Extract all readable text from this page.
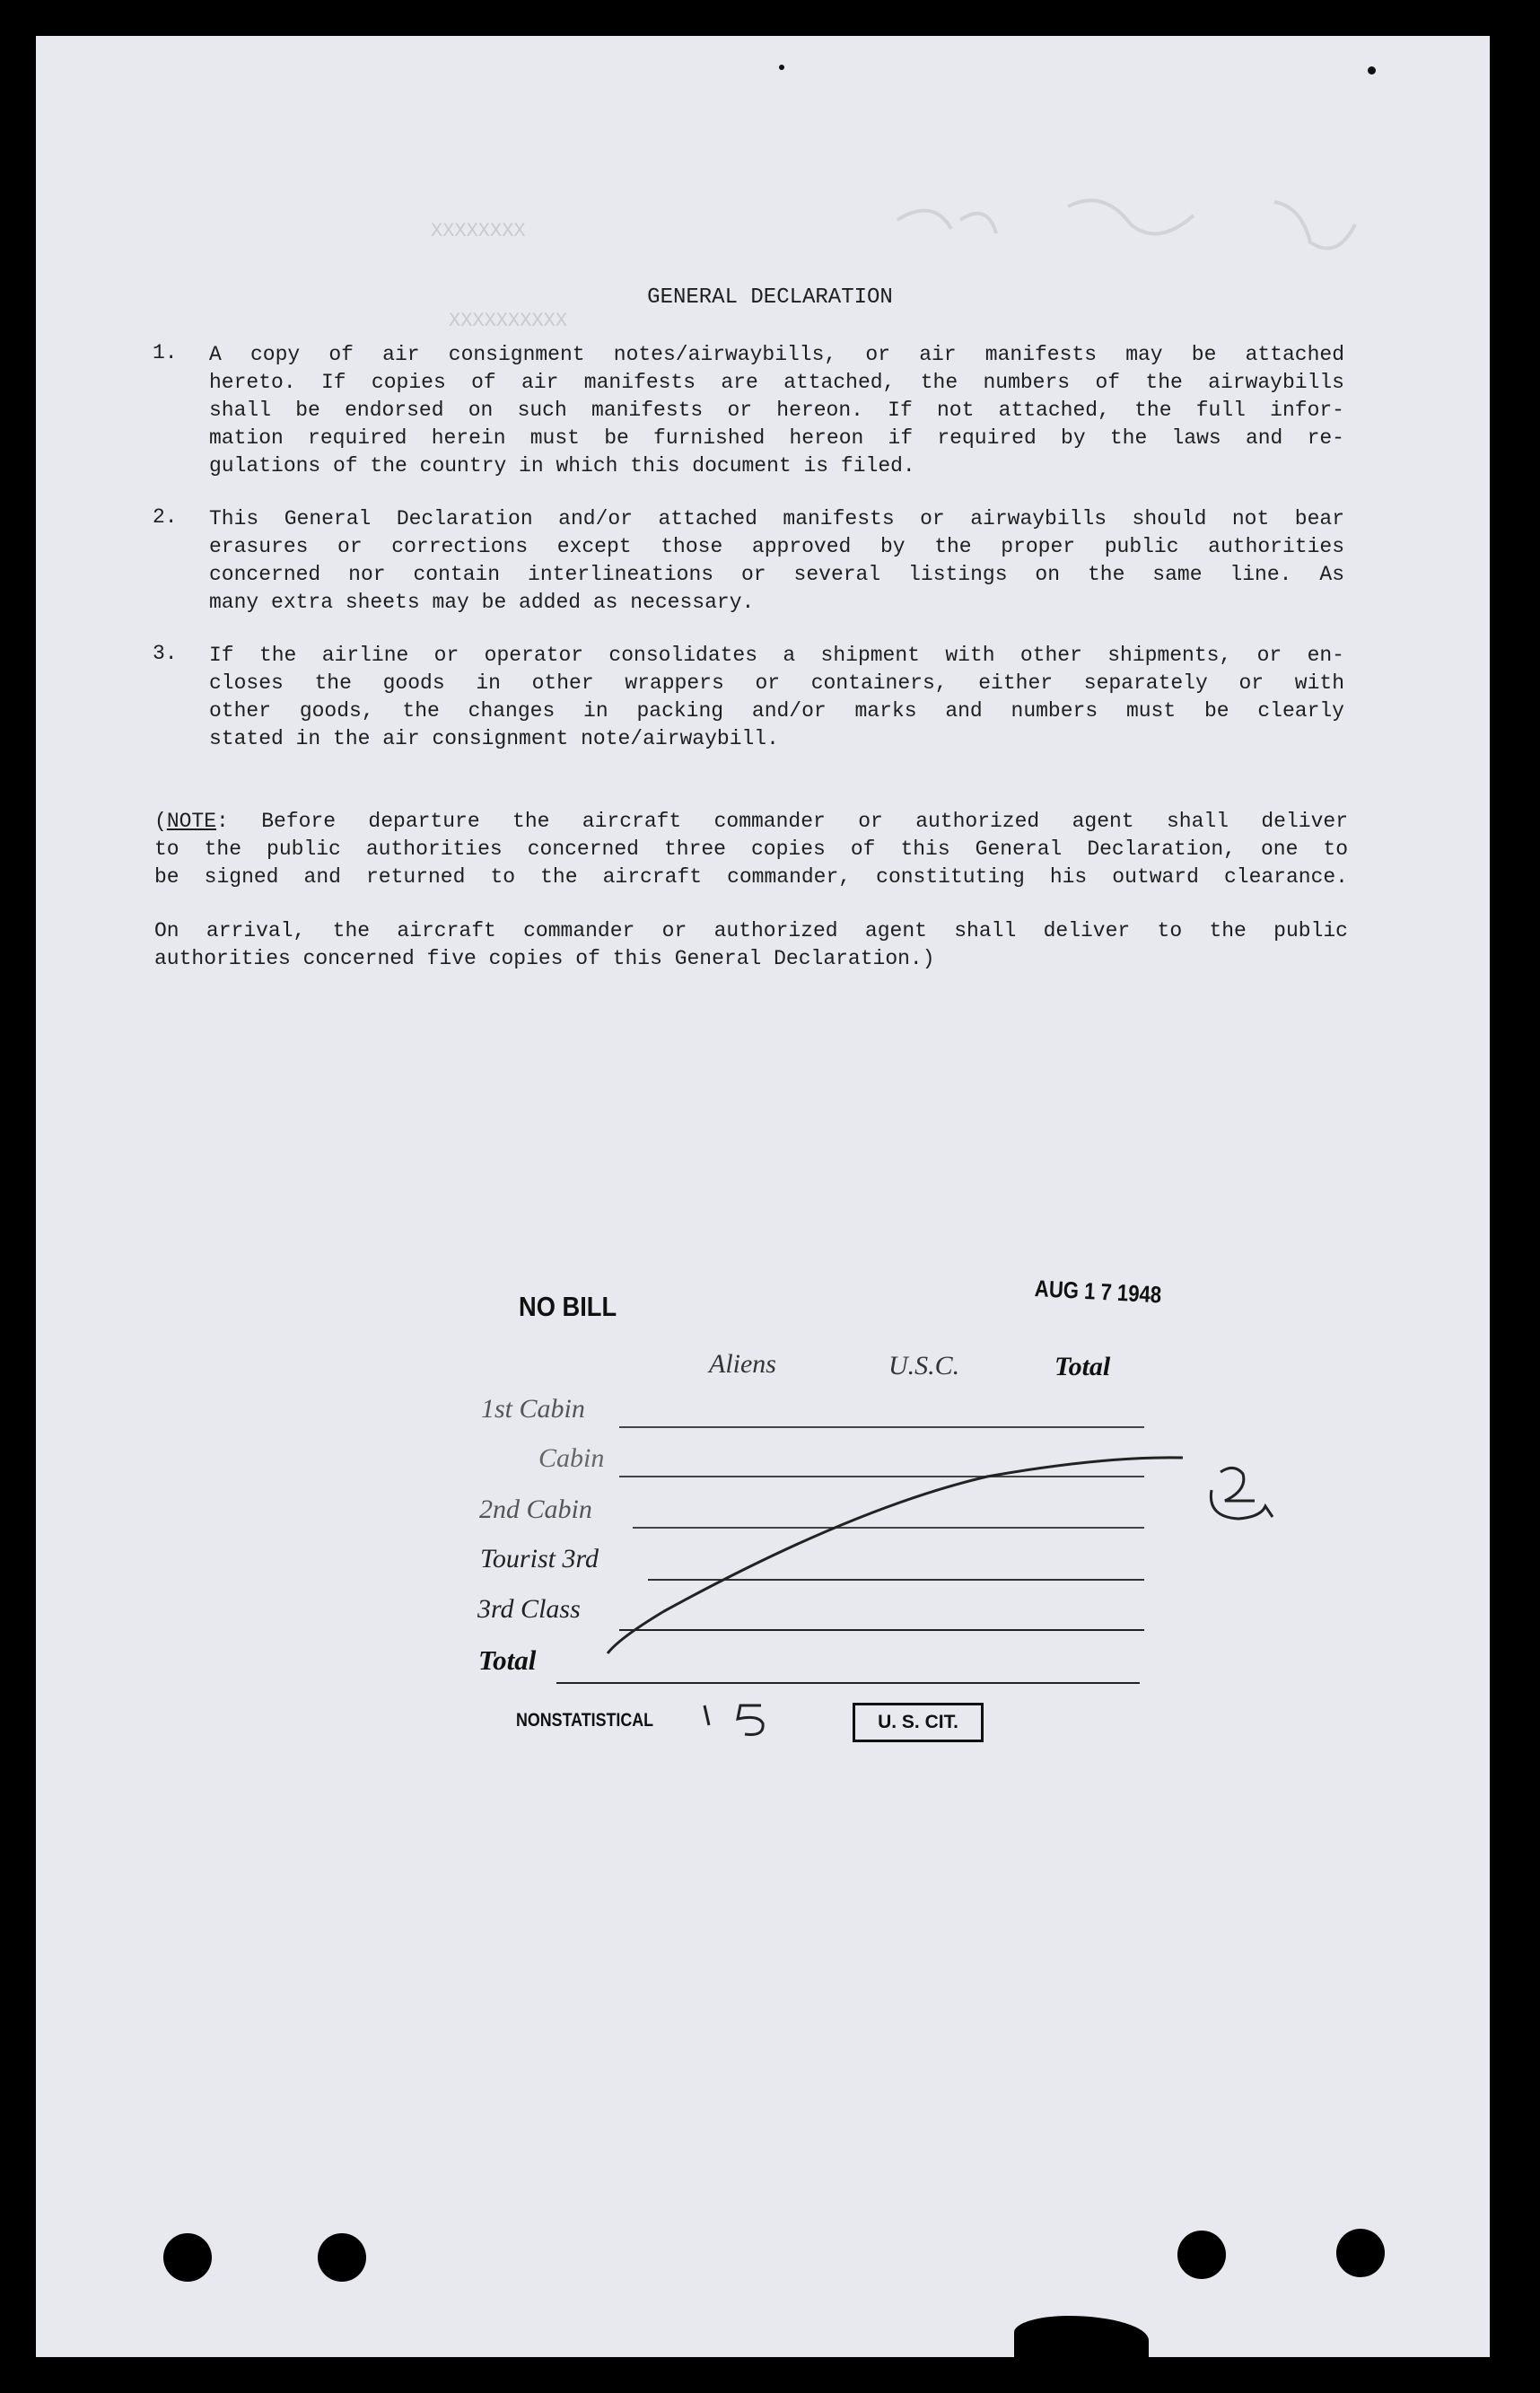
XXXXXXXX
XXXXXXXXXX
GENERAL DECLARATION
1. A copy of air consignment notes/airwaybills, or air manifests may be attached
hereto. If copies of air manifests are attached, the numbers of the airwaybills
shall be endorsed on such manifests or hereon. If not attached, the full infor-
mation required herein must be furnished hereon if required by the laws and re-
gulations of the country in which this document is filed.
2. This General Declaration and/or attached manifests or airwaybills should not bear
erasures or corrections except those approved by the proper public authorities
concerned nor contain interlineations or several listings on the same line. As
many extra sheets may be added as necessary.
3. If the airline or operator consolidates a shipment with other shipments, or en-
closes the goods in other wrappers or containers, either separately or with
other goods, the changes in packing and/or marks and numbers must be clearly
stated in the air consignment note/airwaybill.
(NOTE: Before departure the aircraft commander or authorized agent shall deliver
to the public authorities concerned three copies of this General Declaration, one to
be signed and returned to the aircraft commander, constituting his outward clearance.
On arrival, the aircraft commander or authorized agent shall deliver to the public
authorities concerned five copies of this General Declaration.)
NO BILL	AUG 1 7 1948
Aliens	U.S.C.	Total
1st Cabin
Cabin
2nd Cabin
Tourist 3rd
3rd Class
Total
NONSTATISTICAL	U. S. CIT.
